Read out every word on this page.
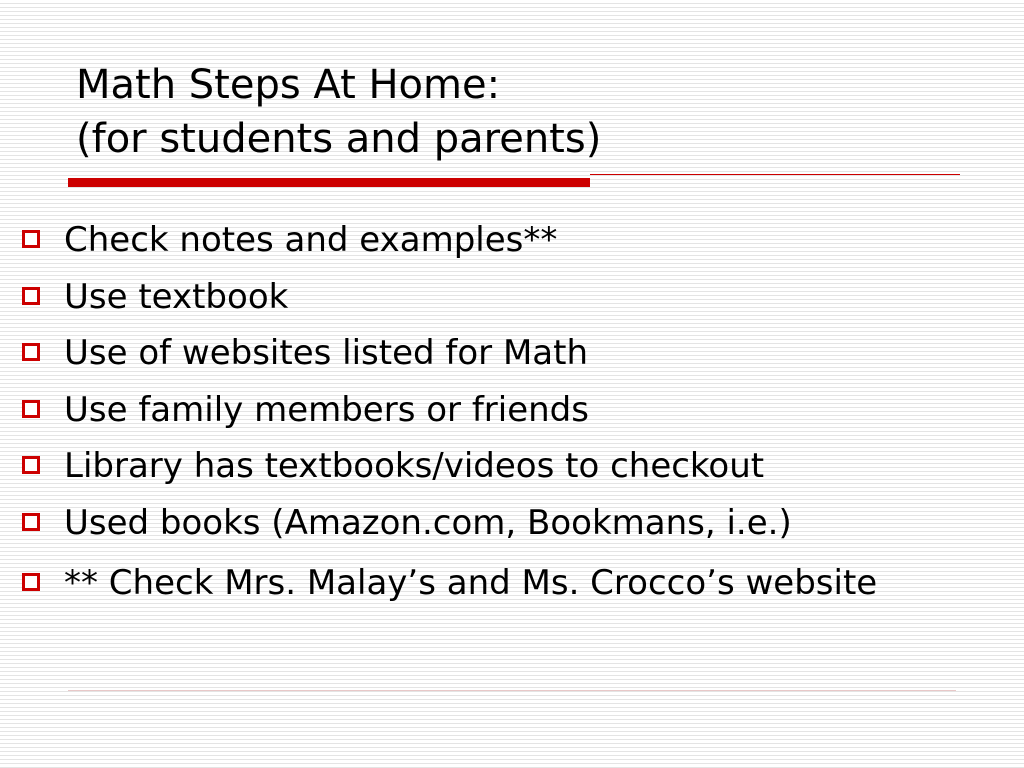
Math Steps At Home:
(for students and parents)
Check notes and examples**
Use textbook
Use of websites listed for Math
Use family members or friends
Library has textbooks/videos to checkout
Used books (Amazon.com, Bookmans, i.e.)
** Check Mrs. Malay’s and Ms. Crocco’s website
